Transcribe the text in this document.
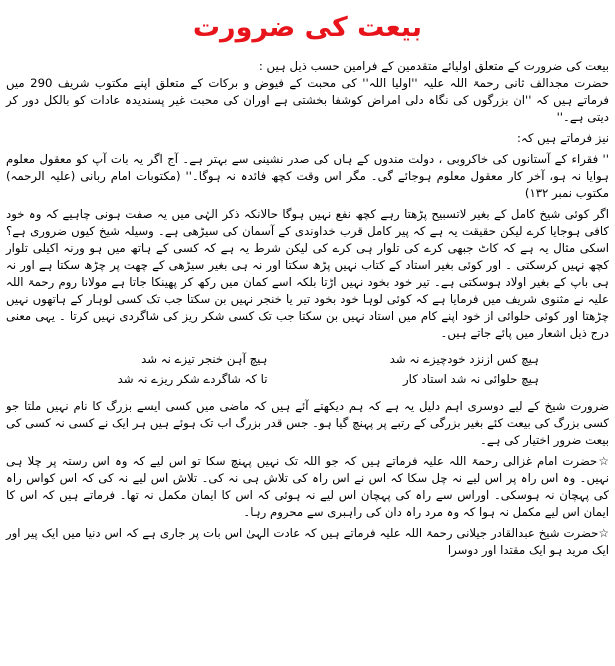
بیعت کی ضرورت

بیعت کی ضرورت کے متعلق اولیائے متقدمین کے فرامین حسب ذیل ہیں :

حضرت مجدالف ثانی رحمۃ اللہ علیہ ''اولیا اللہ'' کی محبت کے فیوض و برکات کے متعلق اپنے مکتوب شریف 290 میں فرماتے ہیں کہ ''ان بزرگوں کی نگاہ دلی امراض کوشفا بخشتی ہے اوران کی محبت غیر پسندیدہ عادات کو بالکل دور کر دیتی ہے۔''

نیز فرماتے ہیں کہ:

'' فقراء کے آستانوں کی خاکروبی ، دولت مندوں کے ہاں کی صدر نشینی سے بہتر ہے۔ آج اگر یہ بات آپ کو معقول معلوم ہوایا نہ ہو، آخر کار معقول معلوم ہوجائے گی۔ مگر اس وقت کچھ فائدہ نہ ہوگا۔'' (مکتوبات امام ربانی (علیہ الرحمہ) مکتوب نمبر ۱۳۲)

اگر کوئی شیخ کامل کے بغیر لاتسبیح پڑھتا رہے کچھ نفع نہیں ہوگا حالانکہ ذکر الہٰی میں یہ صفت ہونی چاہیے کہ وہ خود کافی ہوجایا کرے لیکن حقیقت یہ ہے کہ پیر کامل قرب خداوندی کے آسمان کی سیڑھی ہے۔ وسیلہ شیخ کیوں ضروری ہے؟اسکی مثال یہ ہے کہ کاٹ جبھی کرے کی تلوار ہی کرے کی لیکن شرط یہ ہے کہ کسی کے ہاتھ میں ہو ورنہ اکیلی تلوار کچھ نہیں کرسکتی ۔ اور کوئی بغیر استاد کے کتاب نہیں پڑھ سکتا اور نہ ہی بغیر سیڑھی کے چھت پر چڑھ سکتا ہے اور نہ ہی باپ کے بغیر اولاد ہوسکتی ہے۔ تیر خود بخود نہیں اڑتا بلکہ اسے کمان میں رکھ کر پھینکا جاتا ہے مولانا روم رحمۃ اللہ علیہ نے مثنوی شریف میں فرمایا ہے کہ کوئی لوہا خود بخود تیر یا خنجر نہیں بن سکتا جب تک کسی لوہار کے ہاتھوں نہیں چڑھتا اور کوئی حلوائی از خود اپنے کام میں استاد نہیں بن سکتا جب تک کسی شکر ریز کی شاگردی نہیں کرتا ۔ یہی معنی درج ذیل اشعار میں پائے جاتے ہیں۔

ہیچ کس ازنزد خودچیزے نہ شد
ہیچ آہن خنجر تیزے نہ شد
ہیچ حلوائی نہ شد استاد کار
تا کہ شاگردے شکر ریزے نہ شد

ضرورت شیخ کے لیے دوسری اہم دلیل یہ ہے کہ ہم دیکھتے آئے ہیں کہ ماضی میں کسی ایسے بزرگ کا نام نہیں ملتا جو کسی بزرگ کی بیعت کئے بغیر بزرگی کے رتبے پر پہنچ گیا ہو۔ جس قدر بزرگ اب تک ہوئے ہیں ہر ایک نے کسی نہ کسی کی بیعت ضرور اختیار کی ہے۔

☆حضرت امام غزالی رحمۃ اللہ علیہ فرماتے ہیں کہ جو اللہ تک نہیں پہنچ سکا تو اس لیے کہ وہ اس رستہ پر چلا ہی نہیں۔ وہ اس راہ پر اس لیے نہ چل سکا کہ اس نے اس راہ کی تلاش ہی نہ کی۔ تلاش اس لیے نہ کی کہ اس کواس راہ کی پہچان نہ ہوسکی۔ اوراس سے راہ کی پہچان اس لیے نہ ہوئی کہ اس کا ایمان مکمل نہ تھا۔ فرماتے ہیں کہ اس کا ایمان اس لیے مکمل نہ ہوا کہ وہ مرد راہ دان کی راہبری سے محروم رہا۔

☆حضرت شیخ عبدالقادر جیلانی رحمۃ اللہ علیہ فرماتے ہیں کہ عادت الہیٰ اس بات پر جاری ہے کہ اس دنیا میں ایک پیر اور ایک مرید ہو ایک مقتدا اور دوسرا
